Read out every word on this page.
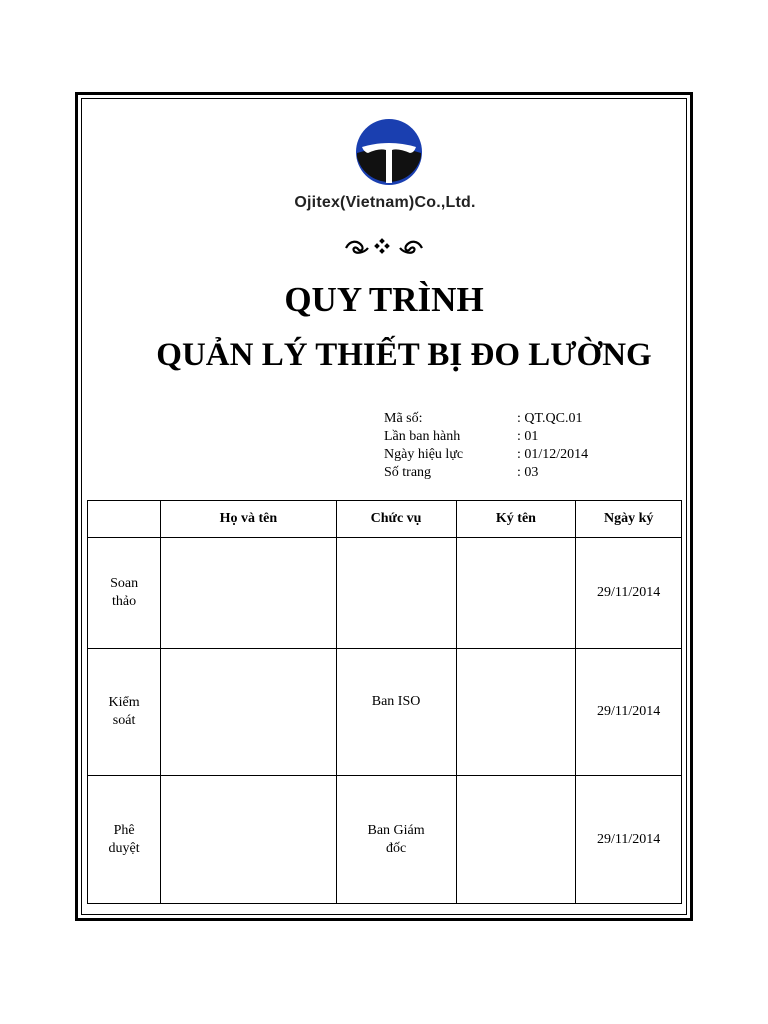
Ojitex(Vietnam)Co.,Ltd.
QUY TRÌNH
QUẢN LÝ THIẾT BỊ ĐO LƯỜNG
Mã số:	: QT.QC.01
Lần ban hành	: 01
Ngày hiệu lực	: 01/12/2014
Số trang	: 03
	Họ và tên	Chức vụ	Ký tên	Ngày ký
Soan thảo				29/11/2014
Kiểm soát		Ban ISO		29/11/2014
Phê duyệt		Ban Giám đốc		29/11/2014
